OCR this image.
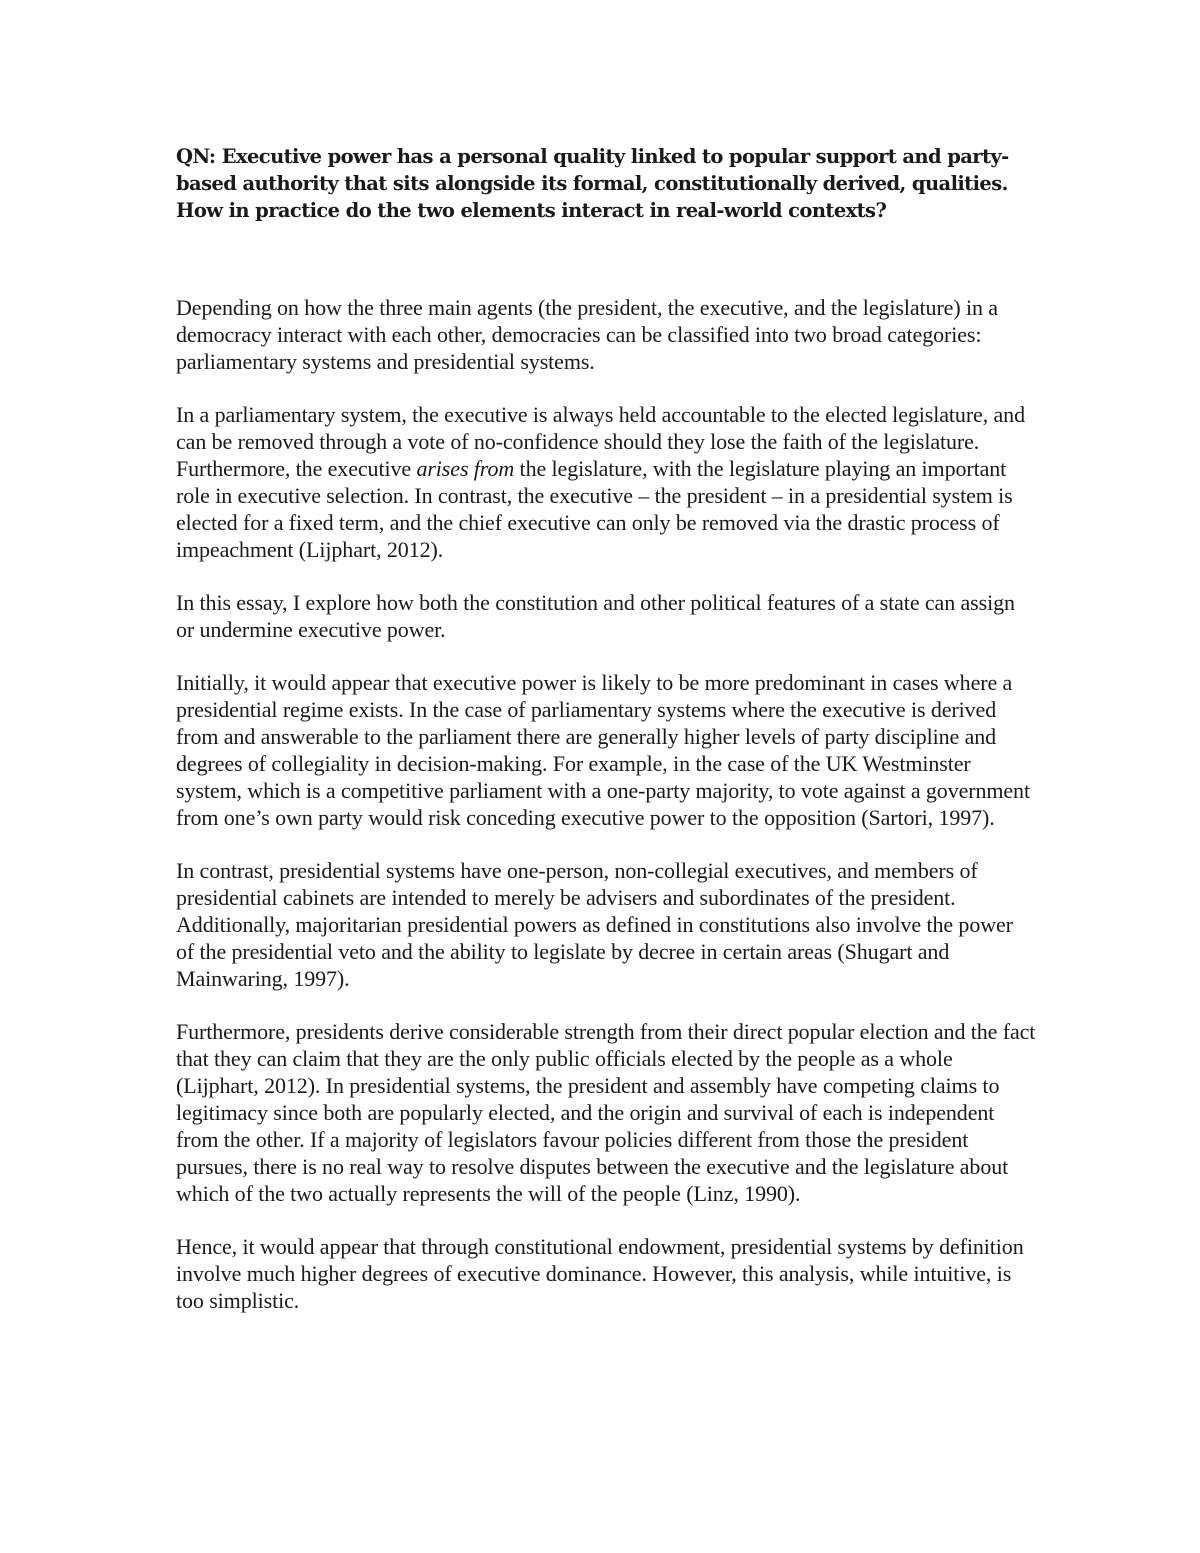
QN: Executive power has a personal quality linked to popular support and party-based authority that sits alongside its formal, constitutionally derived, qualities. How in practice do the two elements interact in real-world contexts?

Depending on how the three main agents (the president, the executive, and the legislature) in a democracy interact with each other, democracies can be classified into two broad categories: parliamentary systems and presidential systems.

In a parliamentary system, the executive is always held accountable to the elected legislature, and can be removed through a vote of no-confidence should they lose the faith of the legislature. Furthermore, the executive arises from the legislature, with the legislature playing an important role in executive selection. In contrast, the executive – the president – in a presidential system is elected for a fixed term, and the chief executive can only be removed via the drastic process of impeachment (Lijphart, 2012).

In this essay, I explore how both the constitution and other political features of a state can assign or undermine executive power.

Initially, it would appear that executive power is likely to be more predominant in cases where a presidential regime exists. In the case of parliamentary systems where the executive is derived from and answerable to the parliament there are generally higher levels of party discipline and degrees of collegiality in decision-making. For example, in the case of the UK Westminster system, which is a competitive parliament with a one-party majority, to vote against a government from one’s own party would risk conceding executive power to the opposition (Sartori, 1997).

In contrast, presidential systems have one-person, non-collegial executives, and members of presidential cabinets are intended to merely be advisers and subordinates of the president. Additionally, majoritarian presidential powers as defined in constitutions also involve the power of the presidential veto and the ability to legislate by decree in certain areas (Shugart and Mainwaring, 1997).

Furthermore, presidents derive considerable strength from their direct popular election and the fact that they can claim that they are the only public officials elected by the people as a whole (Lijphart, 2012). In presidential systems, the president and assembly have competing claims to legitimacy since both are popularly elected, and the origin and survival of each is independent from the other. If a majority of legislators favour policies different from those the president pursues, there is no real way to resolve disputes between the executive and the legislature about which of the two actually represents the will of the people (Linz, 1990).

Hence, it would appear that through constitutional endowment, presidential systems by definition involve much higher degrees of executive dominance. However, this analysis, while intuitive, is too simplistic.
